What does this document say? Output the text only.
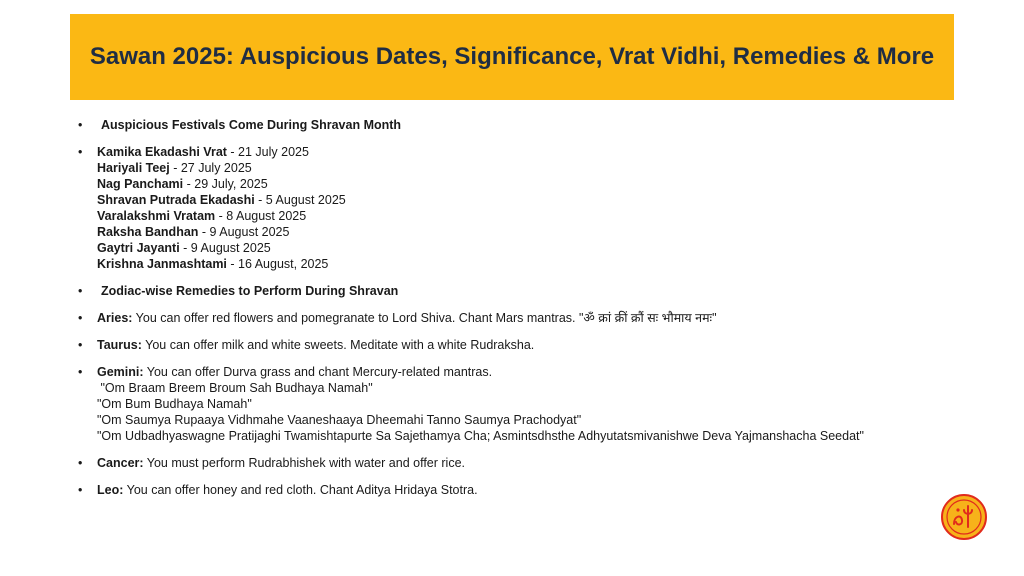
Sawan 2025: Auspicious Dates, Significance, Vrat Vidhi, Remedies & More
• Auspicious Festivals Come During Shravan Month
• Kamika Ekadashi Vrat - 21 July 2025
Hariyali Teej - 27 July 2025
Nag Panchami - 29 July, 2025
Shravan Putrada Ekadashi - 5 August 2025
Varalakshmi Vratam - 8 August 2025
Raksha Bandhan - 9 August 2025
Gaytri Jayanti - 9 August 2025
Krishna Janmashtami - 16 August, 2025
• Zodiac-wise Remedies to Perform During Shravan
• Aries: You can offer red flowers and pomegranate to Lord Shiva. Chant Mars mantras. "ॐ क्रां क्रीं क्रौं सः भौमाय नमः"
• Taurus: You can offer milk and white sweets. Meditate with a white Rudraksha.
• Gemini: You can offer Durva grass and chant Mercury-related mantras.
"Om Braam Breem Broum Sah Budhaya Namah"
"Om Bum Budhaya Namah"
"Om Saumya Rupaaya Vidhmahe Vaaneshaaya Dheemahi Tanno Saumya Prachodyat"
"Om Udbadhyaswagne Pratijaghi Twamishtapurte Sa Sajethamya Cha; Asmintsdhsthe Adhyutatsmivanishwe Deva Yajmanshacha Seedat"
• Cancer: You must perform Rudrabhishek with water and offer rice.
• Leo: You can offer honey and red cloth. Chant Aditya Hridaya Stotra.
